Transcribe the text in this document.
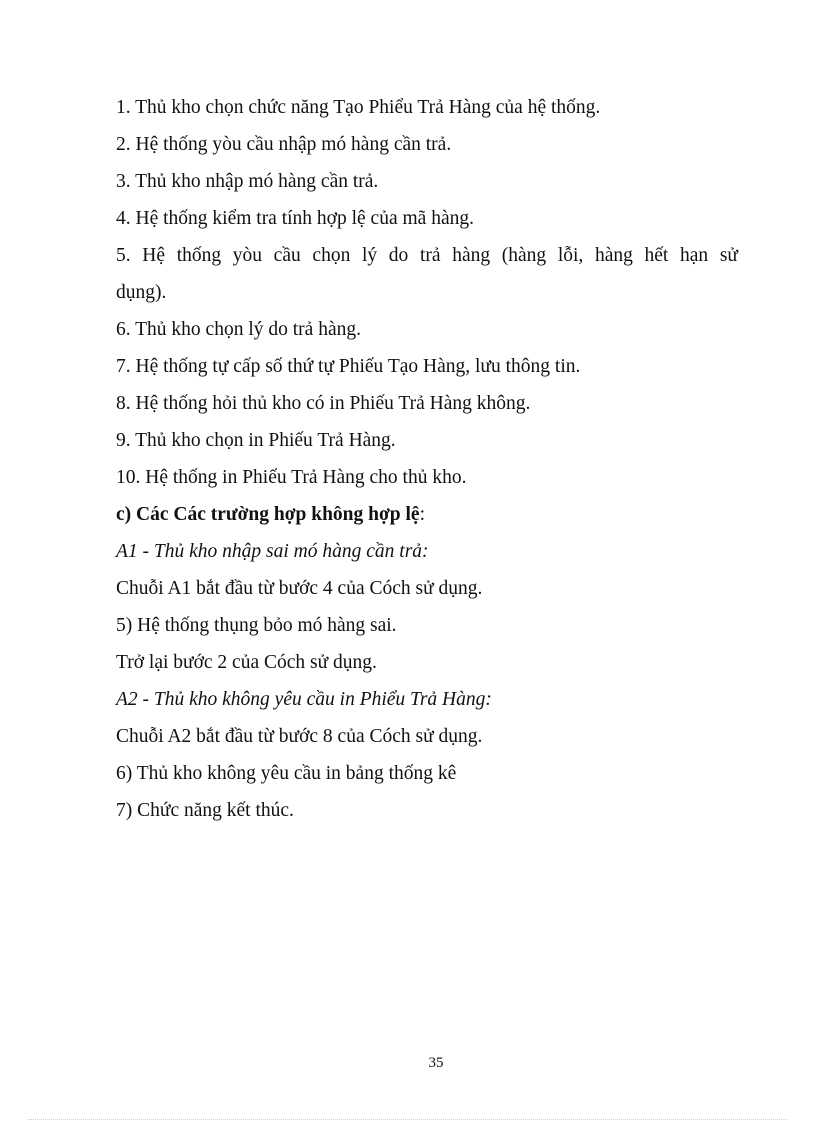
1. Thủ kho chọn chức năng Tạo Phiểu Trả Hàng của hệ thống.
2. Hệ thống yòu cầu nhập mó hàng cần trả.
3. Thủ kho nhập mó hàng cần trả.
4. Hệ thống kiểm tra tính hợp lệ của mã hàng.
5. Hệ thống yòu cầu chọn lý do trả hàng (hàng lỗi, hàng hết hạn sử
dụng).
6. Thủ kho chọn lý do trả hàng.
7. Hệ thống tự cấp số thứ tự Phiếu Tạo Hàng, lưu thông tin.
8. Hệ thống hỏi thủ kho có in Phiếu Trả Hàng không.
9. Thủ kho chọn in Phiếu Trả Hàng.
10. Hệ thống in Phiếu Trả Hàng cho thủ kho.
c) Các Các trường hợp không hợp lệ:
A1 - Thủ kho nhập sai mó hàng cần trả:
Chuỗi A1 bắt đầu từ bước 4 của Cóch sử dụng.
5) Hệ thống thụng bỏo mó hàng sai.
Trở lại bước 2 của Cóch sử dụng.
A2 - Thủ kho không yêu cầu in Phiểu Trả Hàng:
Chuỗi A2 bắt đầu từ bước 8 của Cóch sử dụng.
6) Thủ kho không yêu cầu in bảng thống kê
7) Chức năng kết thúc.
35
